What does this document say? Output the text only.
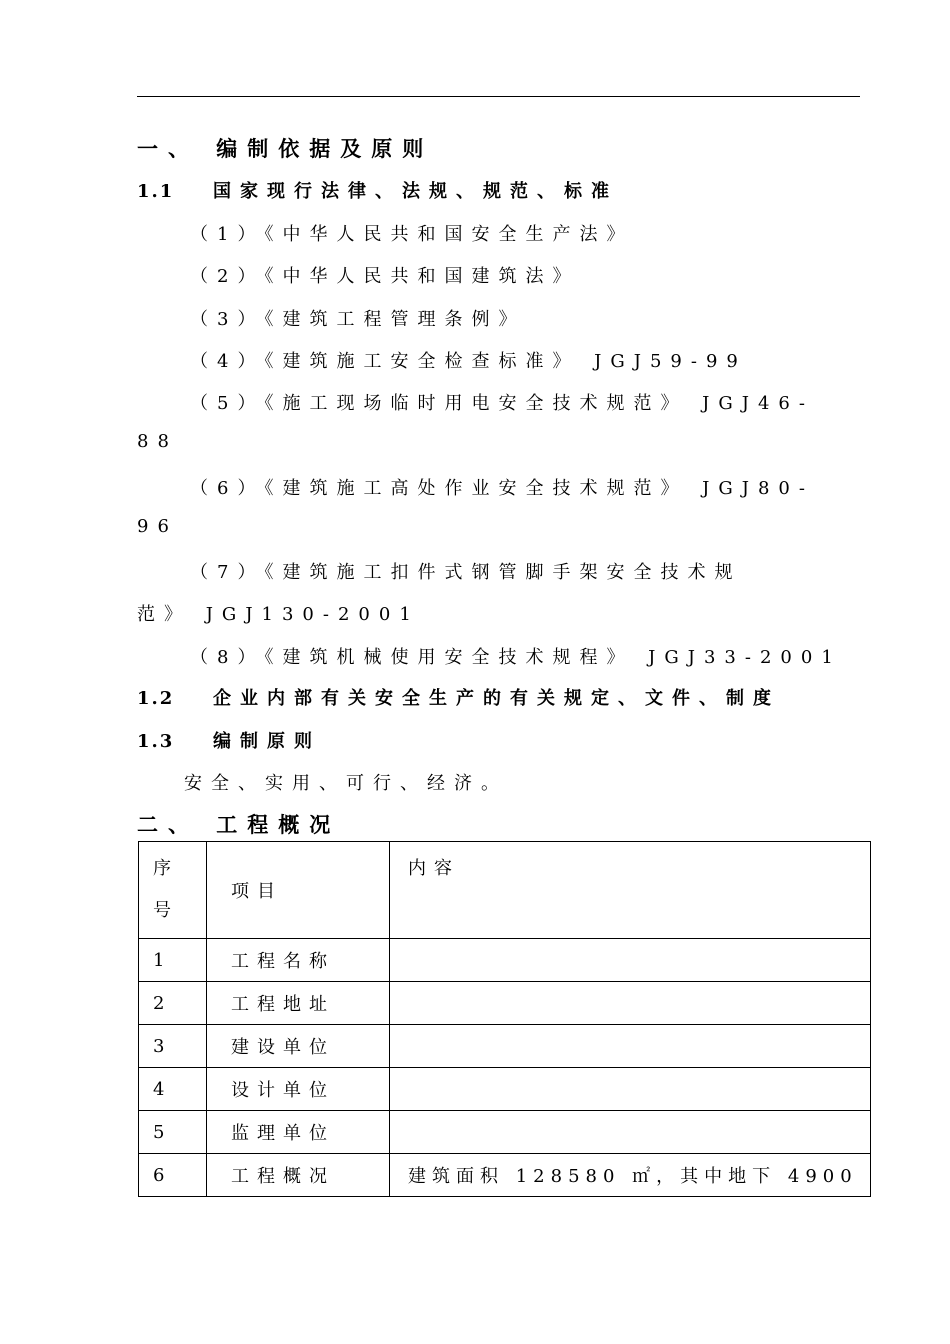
一、 编制依据及原则
1.1 国家现行法律、法规、规范、标准
（1）《中华人民共和国安全生产法》
（2）《中华人民共和国建筑法》
（3）《建筑工程管理条例》
（4）《建筑施工安全检查标准》 JGJ59-99
（5）《施工现场临时用电安全技术规范》 JGJ46-
88
（6）《建筑施工高处作业安全技术规范》 JGJ80-
96
（7）《建筑施工扣件式钢管脚手架安全技术规
范》 JGJ130-2001
（8）《建筑机械使用安全技术规程》 JGJ33-2001
1.2 企业内部有关安全生产的有关规定、文件、制度
1.3 编制原则
安全、实用、可行、经济。
二、 工程概况
序
号	项目	内容
1	工程名称	
2	工程地址	
3	建设单位	
4	设计单位	
5	监理单位	
6	工程概况	建筑面积 128580 ㎡，其中地下 4900
